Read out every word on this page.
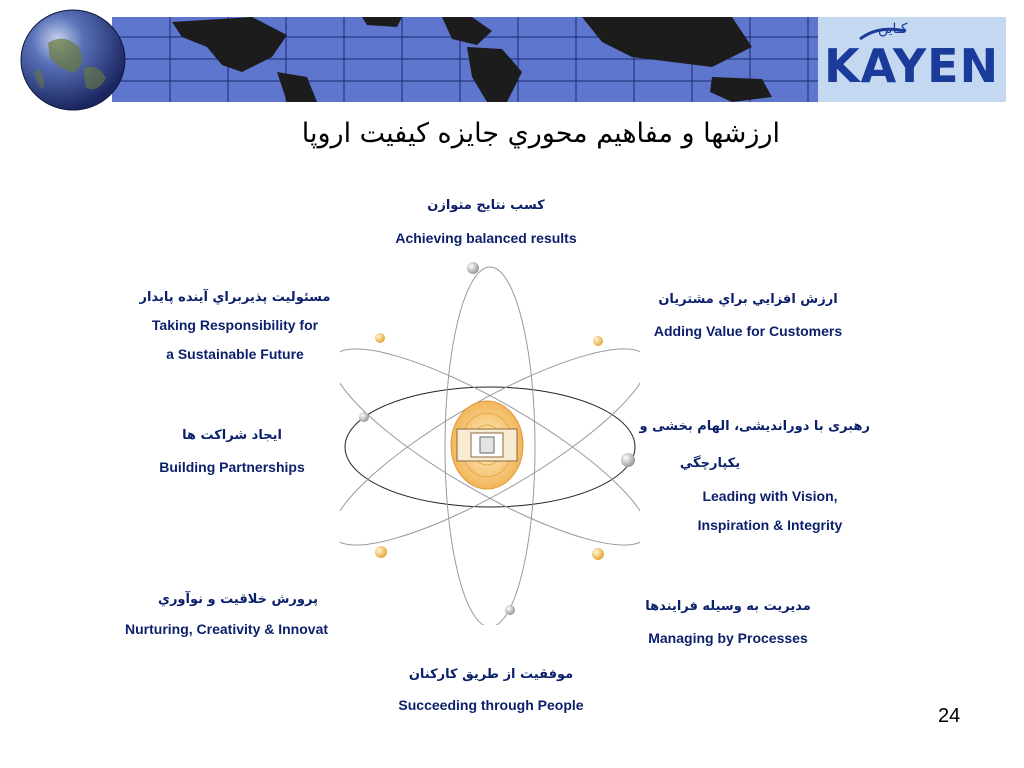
كـاين
KAYEN
ارزشها و مفاهيم محوري جايزه كيفيت اروپا
كسب نتايج متوازن
Achieving balanced results
ارزش افزايي براي مشتريان
Adding Value for Customers
رهبری با دوراندیشی، الهام بخشی و
يكپارچگي
Leading with Vision,
Inspiration & Integrity
مديريت به وسيله فرايندها
Managing by Processes
موفقيت از طريق كاركنان
Succeeding through People
پرورش خلاقيت و نوآوري
Nurturing, Creativity & Innovat
ايجاد شراكت ها
Building Partnerships
مسئوليت پذيربراي آينده پايدار
Taking Responsibility for
a Sustainable Future
24
